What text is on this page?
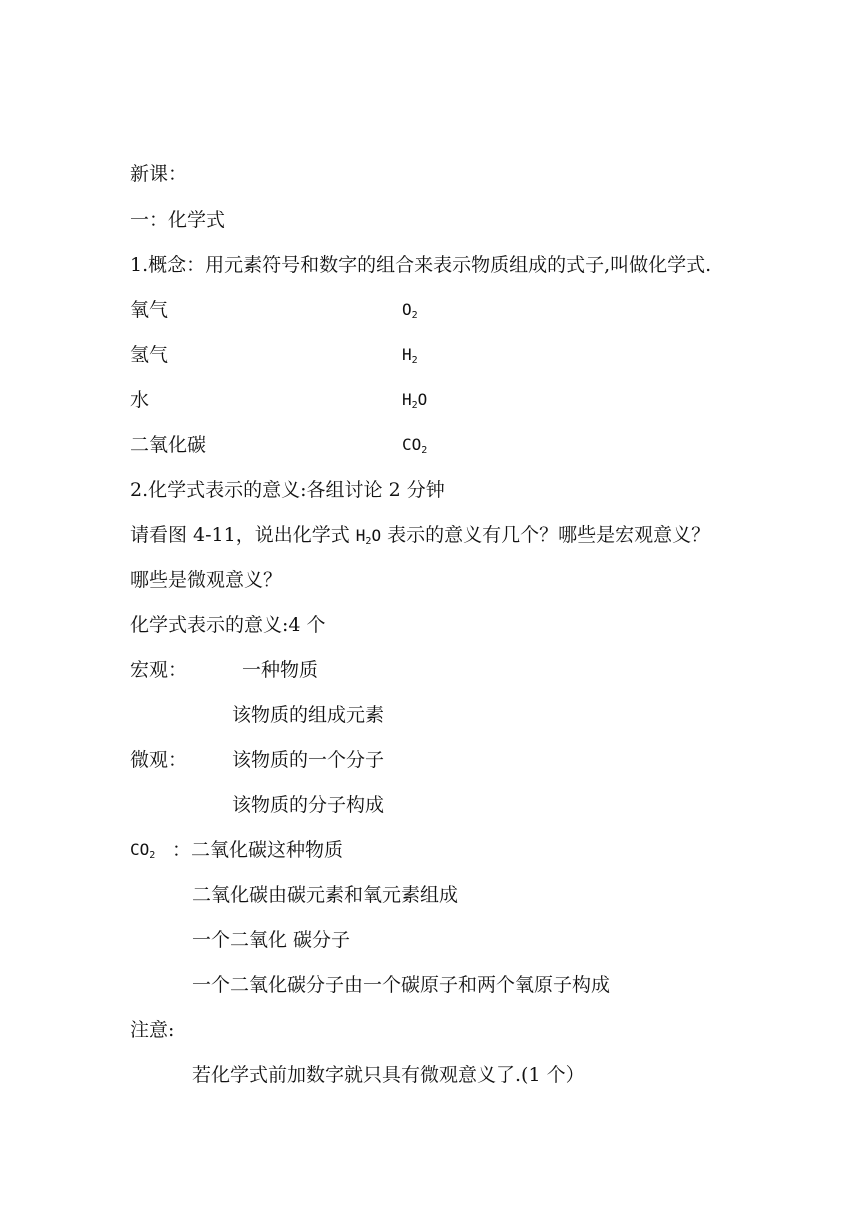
新课：
一：化学式
1.概念：用元素符号和数字的组合来表示物质组成的式子,叫做化学式.
氧气	$O_2$
氢气	$H_2$
水	$H_2O$
二氧化碳	$CO_2$
2.化学式表示的意义:各组讨论 2 分钟
请看图 4-11，说出化学式 $H_2O$ 表示的意义有几个？哪些是宏观意义？
哪些是微观意义？
化学式表示的意义:4 个
宏观：	一种物质
该物质的组成元素
微观： 该物质的一个分子
该物质的分子构成
$CO_2$ ：二氧化碳这种物质
二氧化碳由碳元素和氧元素组成
一个二氧化 碳分子
一个二氧化碳分子由一个碳原子和两个氧原子构成
注意:
若化学式前加数字就只具有微观意义了.(1 个）
